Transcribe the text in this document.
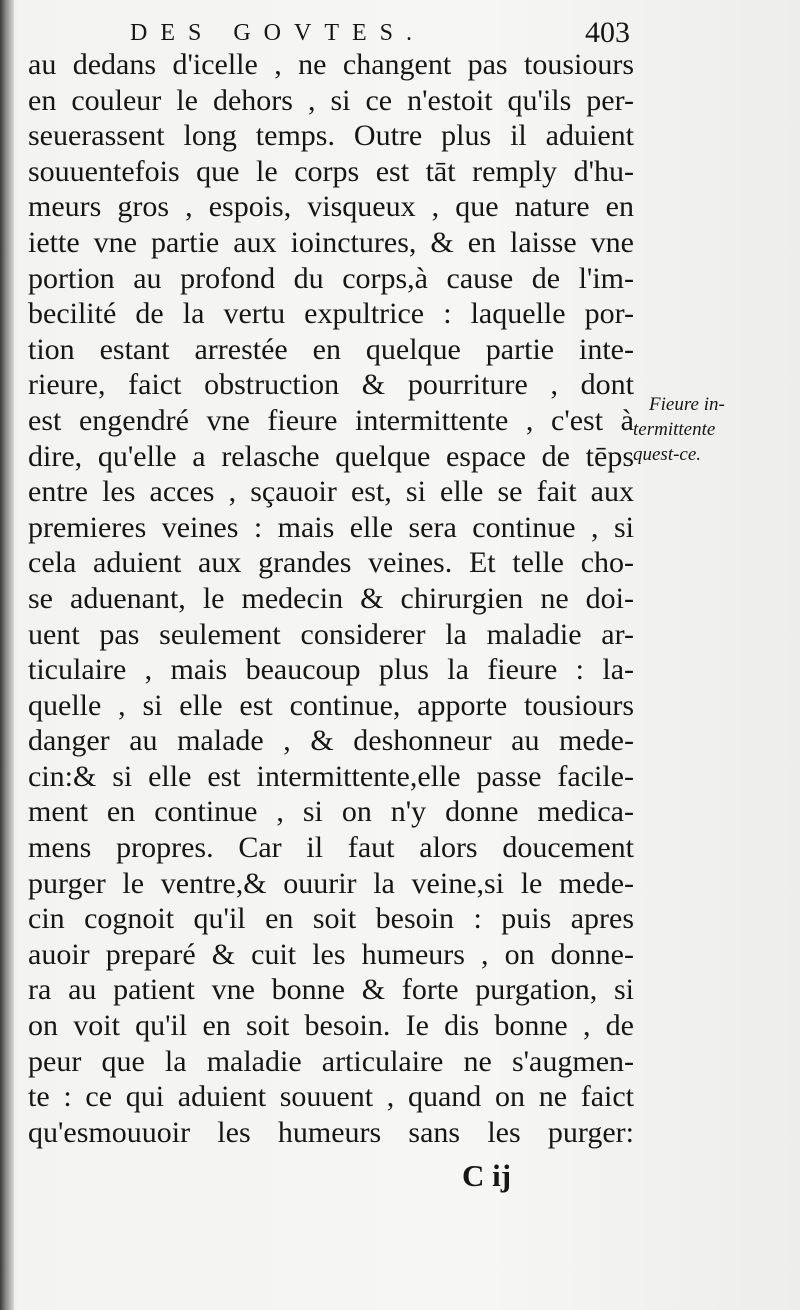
DES GOVTES.	403
au dedans d'icelle , ne changent pas tousiours
en couleur le dehors , si ce n'estoit qu'ils per-
seuerassent long temps. Outre plus il aduient
souuentefois que le corps est tāt remply d'hu-
meurs gros , espois, visqueux , que nature en
iette vne partie aux ioinctures, & en laisse vne
portion au profond du corps,à cause de l'im-
becilité de la vertu expultrice : laquelle por-
tion estant arrestée en quelque partie inte-
rieure, faict obstruction & pourriture , dont
est engendré vne fieure intermittente , c'est à
dire, qu'elle a relasche quelque espace de tēps
entre les acces , sçauoir est, si elle se fait aux
premieres veines : mais elle sera continue , si
cela aduient aux grandes veines. Et telle cho-
se aduenant, le medecin & chirurgien ne doi-
uent pas seulement considerer la maladie ar-
ticulaire , mais beaucoup plus la fieure : la-
quelle , si elle est continue, apporte tousiours
danger au malade , & deshonneur au mede-
cin:& si elle est intermittente,elle passe facile-
ment en continue , si on n'y donne medica-
mens propres. Car il faut alors doucement
purger le ventre,& ouurir la veine,si le mede-
cin cognoit qu'il en soit besoin : puis apres
auoir preparé & cuit les humeurs , on donne-
ra au patient vne bonne & forte purgation, si
on voit qu'il en soit besoin. Ie dis bonne , de
peur que la maladie articulaire ne s'augmen-
te : ce qui aduient souuent , quand on ne faict
qu'esmouuoir les humeurs sans les purger:
Fieure in-
termittente
quest-ce.
C ij
